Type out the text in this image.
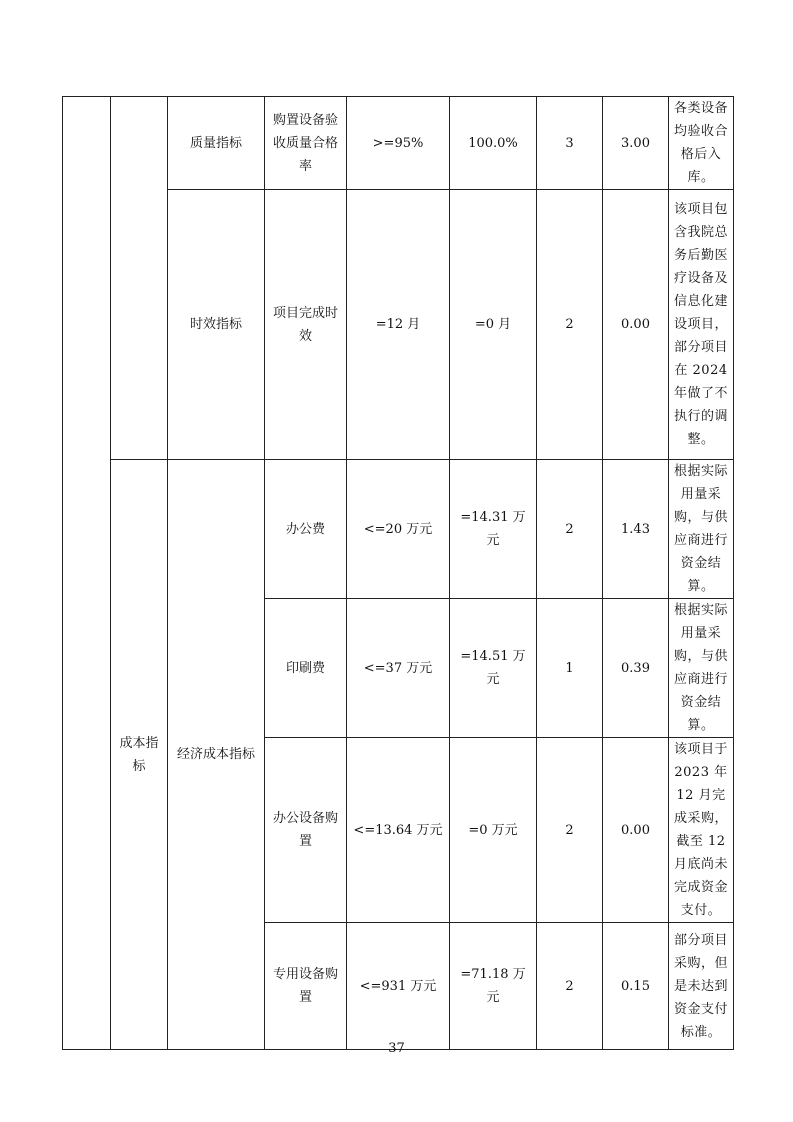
		质量指标	购置设备验收质量合格率	>=95%	100.0%	3	3.00	各类设备均验收合格后入库。
		时效指标	项目完成时效	=12 月	=0 月	2	0.00	该项目包含我院总务后勤医疗设备及信息化建设项目，部分项目在 2024 年做了不执行的调整。
	成本指标	经济成本指标	办公费	<=20 万元	=14.31 万元	2	1.43	根据实际用量采购，与供应商进行资金结算。
			印刷费	<=37 万元	=14.51 万元	1	0.39	根据实际用量采购，与供应商进行资金结算。
			办公设备购置	<=13.64 万元	=0 万元	2	0.00	该项目于 2023 年 12 月完成采购，截至 12 月底尚未完成资金支付。
			专用设备购置	<=931 万元	=71.18 万元	2	0.15	部分项目采购，但是未达到资金支付标准。
37
